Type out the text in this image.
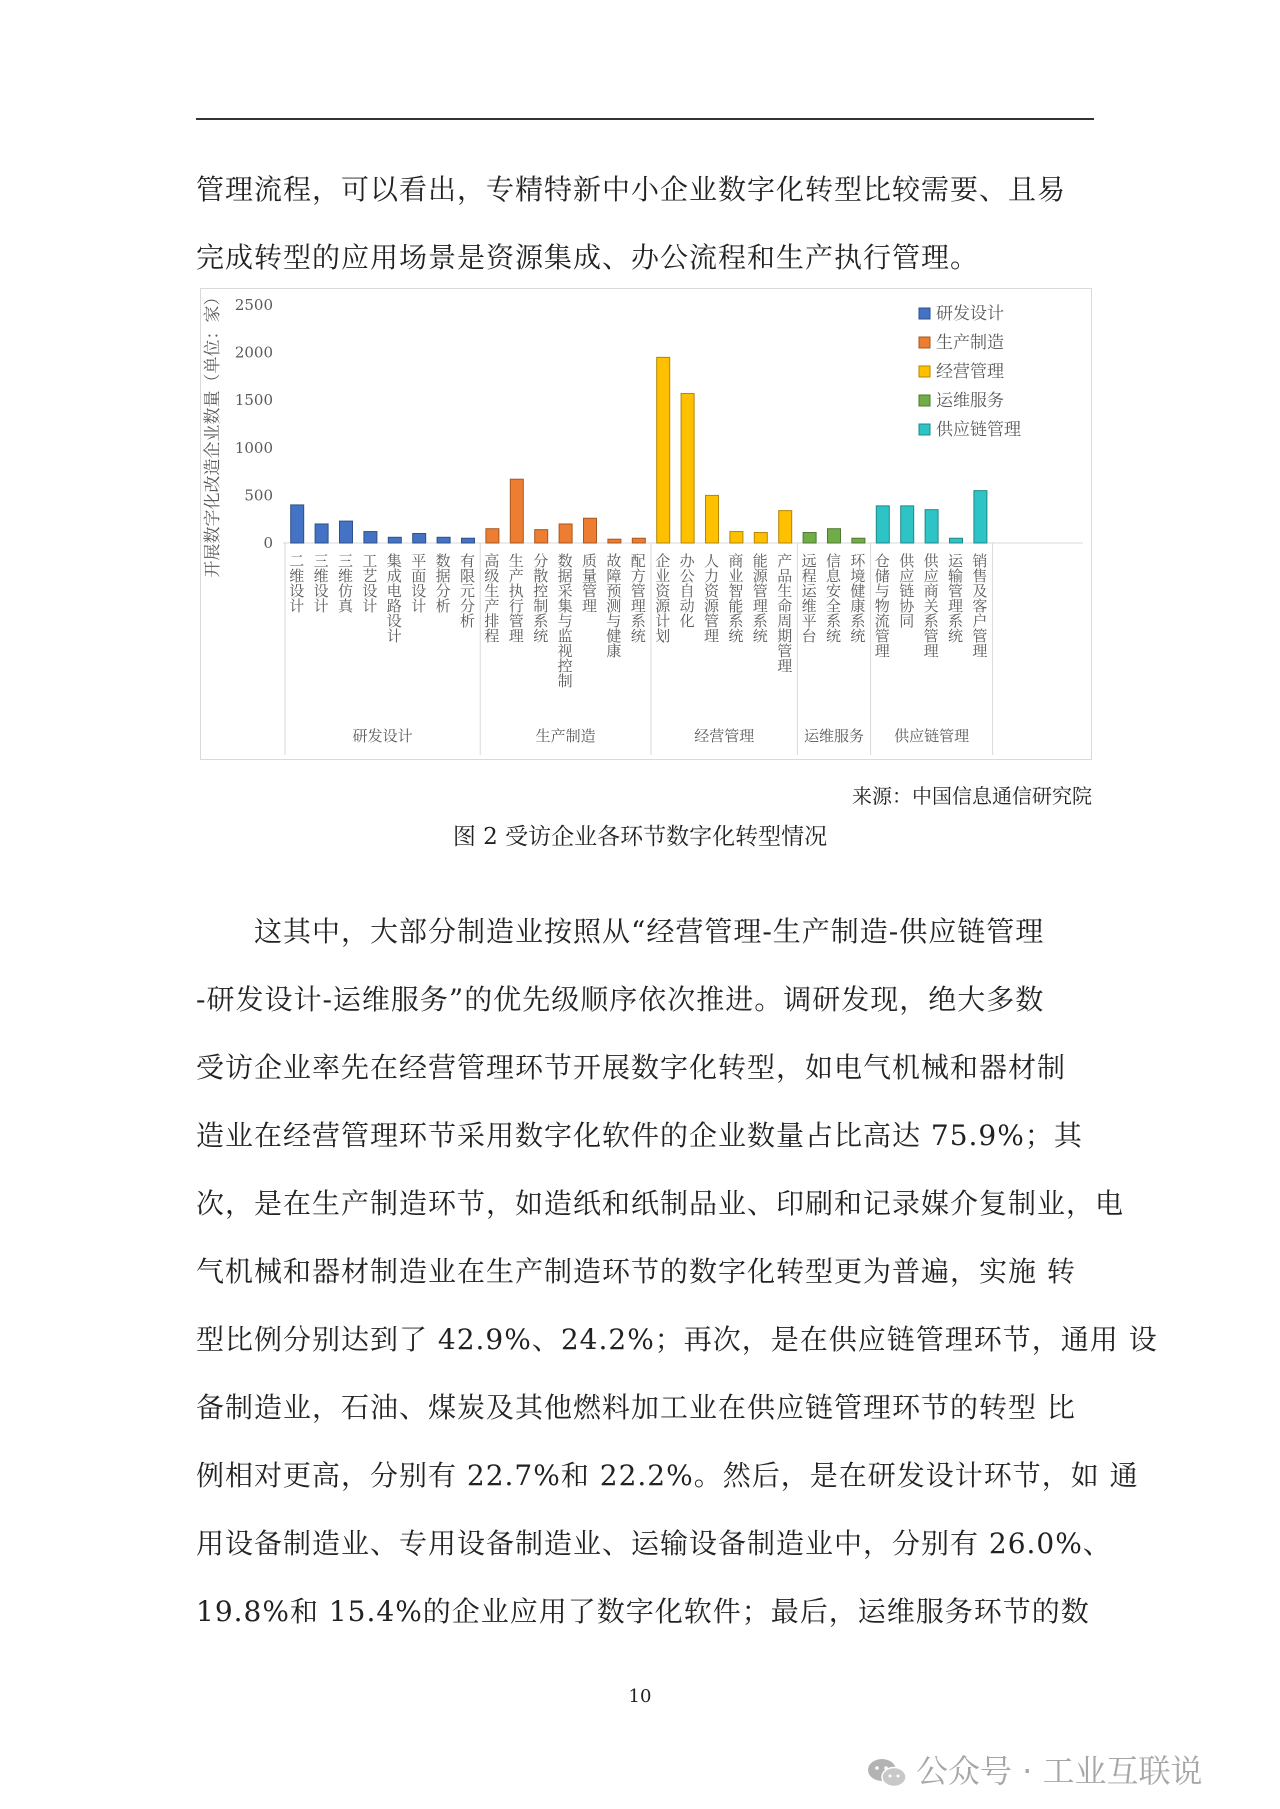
管理流程，可以看出，专精特新中小企业数字化转型比较需要、且易
完成转型的应用场景是资源集成、办公流程和生产执行管理。
2500
2000
1500
1000
500
0
开展数字化改造企业数量（单位：家）
二维设计 三维设计 三维仿真 工艺设计 集成电路设计 平面设计 数据分析 有限元分析 高级生产排程 生产执行管理 分散控制系统 数据采集与监视控制 质量管理 故障预测与健康 配方管理系统 企业资源计划 办公自动化 人力资源管理 商业智能系统 能源管理系统 产品生命周期管理 远程运维平台 信息安全系统 环境健康系统 仓储与物流管理 供应链协同 供应商关系管理 运输管理系统 销售及客户管理
研发设计	生产制造	经营管理	运维服务 供应链管理
研发设计
生产制造
经营管理
运维服务
供应链管理
来源：中国信息通信研究院
图 2 受访企业各环节数字化转型情况
　　这其中，大部分制造业按照从“经营管理-生产制造-供应链管理
-研发设计-运维服务”的优先级顺序依次推进。调研发现，绝大多数
受访企业率先在经营管理环节开展数字化转型，如电气机械和器材制
造业在经营管理环节采用数字化软件的企业数量占比高达 75.9%；其
次，是在生产制造环节，如造纸和纸制品业、印刷和记录媒介复制业，电
气机械和器材制造业在生产制造环节的数字化转型更为普遍，实施 转
型比例分别达到了 42.9%、24.2%；再次，是在供应链管理环节，通用 设
备制造业，石油、煤炭及其他燃料加工业在供应链管理环节的转型 比
例相对更高，分别有 22.7%和 22.2%。然后，是在研发设计环节，如 通
用设备制造业、专用设备制造业、运输设备制造业中，分别有 26.0%、
19.8%和 15.4%的企业应用了数字化软件；最后，运维服务环节的数
10
公众号 · 工业互联说
